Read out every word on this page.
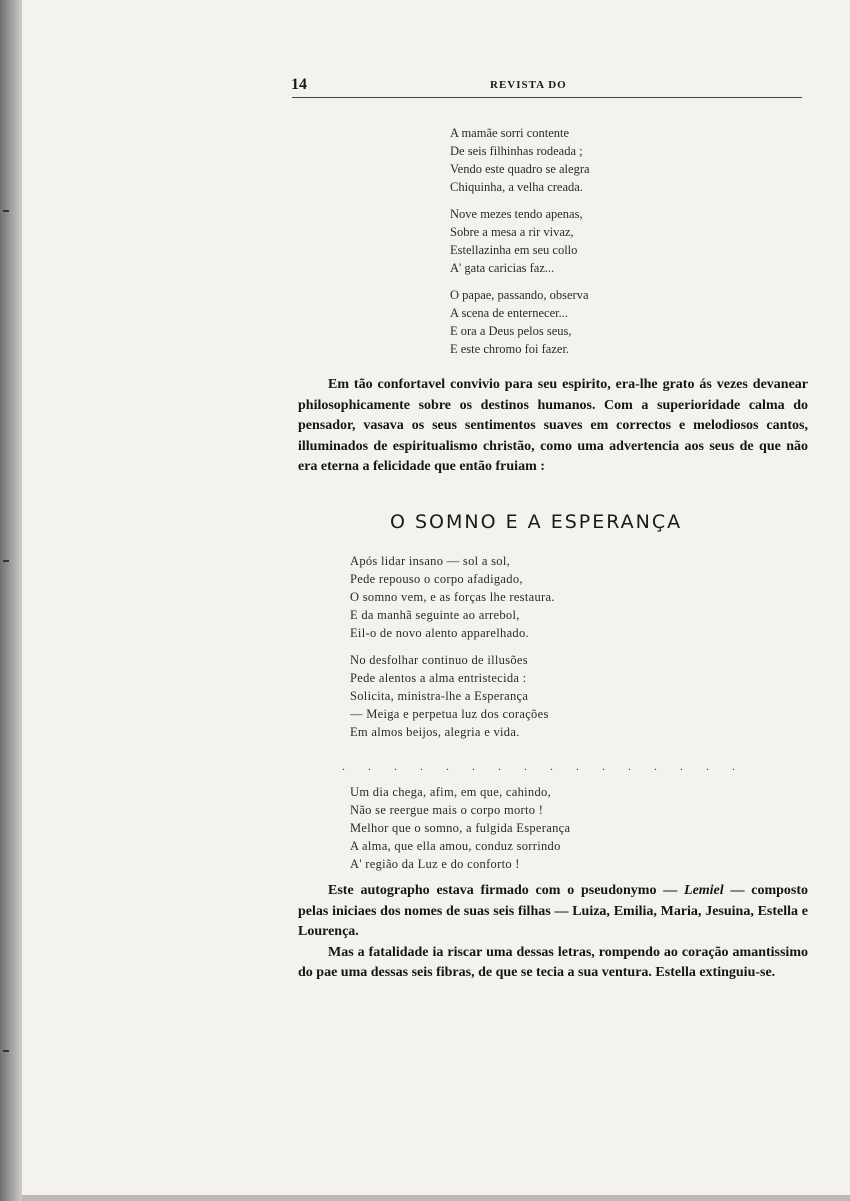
14	REVISTA DO
A mamãe sorri contente
De seis filhinhas rodeada ;
Vendo este quadro se alegra
Chiquinha, a velha creada.
Nove mezes tendo apenas,
Sobre a mesa a rir vivaz,
Estellazinha em seu collo
A' gata caricias faz...
O papae, passando, observa
A scena de enternecer...
E ora a Deus pelos seus,
E este chromo foi fazer.

Em tão confortavel convivio para seu espirito, era-lhe grato ás vezes devanear philosophicamente sobre os destinos humanos. Com a superioridade calma do pensador, vasava os seus sentimentos suaves em correctos e melodiosos cantos, illuminados de espiritualismo christão, como uma advertencia aos seus de que não era eterna a felicidade que então fruiam :

O SOMNO E A ESPERANÇA
Após lidar insano — sol a sol,
Pede repouso o corpo afadigado,
O somno vem, e as forças lhe restaura.
E da manhã seguinte ao arrebol,
Eil-o de novo alento apparelhado.
No desfolhar continuo de illusões
Pede alentos a alma entristecida :
Solicita, ministra-lhe a Esperança
— Meiga e perpetua luz dos corações
Em almos beijos, alegria e vida.
. . . . . . . . . . . . . . . .
Um dia chega, afim, em que, cahindo,
Não se reergue mais o corpo morto !
Melhor que o somno, a fulgida Esperança
A alma, que ella amou, conduz sorrindo
A' região da Luz e do conforto !

Este autographo estava firmado com o pseudonymo — Lemiel — composto pelas iniciaes dos nomes de suas seis filhas — Luiza, Emilia, Maria, Jesuina, Estella e Lourença.

Mas a fatalidade ia riscar uma dessas letras, rompendo ao coração amantissimo do pae uma dessas seis fibras, de que se tecia a sua ventura. Estella extinguiu-se.
